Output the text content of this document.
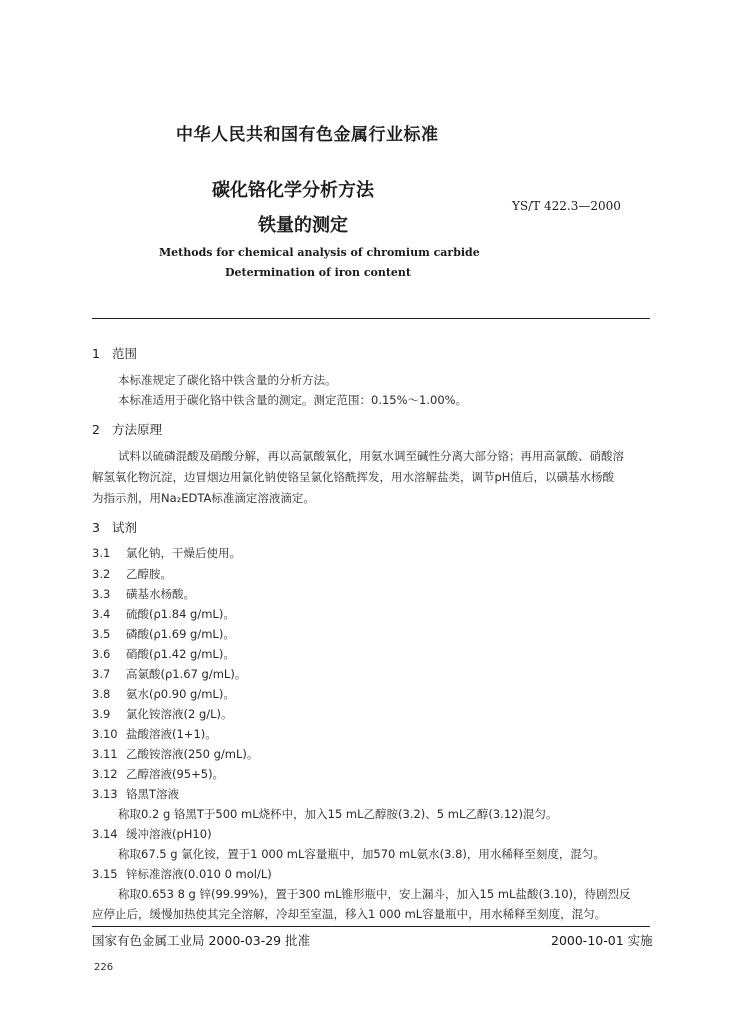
中华人民共和国有色金属行业标准
碳化铬化学分析方法
铁量的测定
YS/T 422.3—2000
Methods for chemical analysis of chromium carbide
Determination of iron content
1 范围
本标准规定了碳化铬中铁含量的分析方法。
本标准适用于碳化铬中铁含量的测定。测定范围：0.15%～1.00%。
2 方法原理
试料以硫磷混酸及硝酸分解，再以高氯酸氧化，用氨水调至碱性分离大部分铬；再用高氯酸、硝酸溶
解氢氧化物沉淀，边冒烟边用氯化钠使铬呈氯化铬酰挥发，用水溶解盐类，调节pH值后，以磺基水杨酸
为指示剂，用Na₂EDTA标准滴定溶液滴定。
3 试剂
3.1 氯化钠，干燥后使用。
3.2 乙醇胺。
3.3 磺基水杨酸。
3.4 硫酸(ρ1.84 g/mL)。
3.5 磷酸(ρ1.69 g/mL)。
3.6 硝酸(ρ1.42 g/mL)。
3.7 高氯酸(ρ1.67 g/mL)。
3.8 氨水(ρ0.90 g/mL)。
3.9 氯化铵溶液(2 g/L)。
3.10 盐酸溶液(1+1)。
3.11 乙酸铵溶液(250 g/mL)。
3.12 乙醇溶液(95+5)。
3.13 铬黑T溶液
称取0.2 g 铬黑T于500 mL烧杯中，加入15 mL乙醇胺(3.2)、5 mL乙醇(3.12)混匀。
3.14 缓冲溶液(pH10)
称取67.5 g 氯化铵，置于1 000 mL容量瓶中，加570 mL氨水(3.8)，用水稀释至刻度，混匀。
3.15 锌标准溶液(0.010 0 mol/L)
称取0.653 8 g 锌(99.99%)，置于300 mL锥形瓶中，安上漏斗，加入15 mL盐酸(3.10)，待剧烈反
应停止后，缓慢加热使其完全溶解，冷却至室温，移入1 000 mL容量瓶中，用水稀释至刻度，混匀。
国家有色金属工业局 2000-03-29 批准	2000-10-01 实施
226
